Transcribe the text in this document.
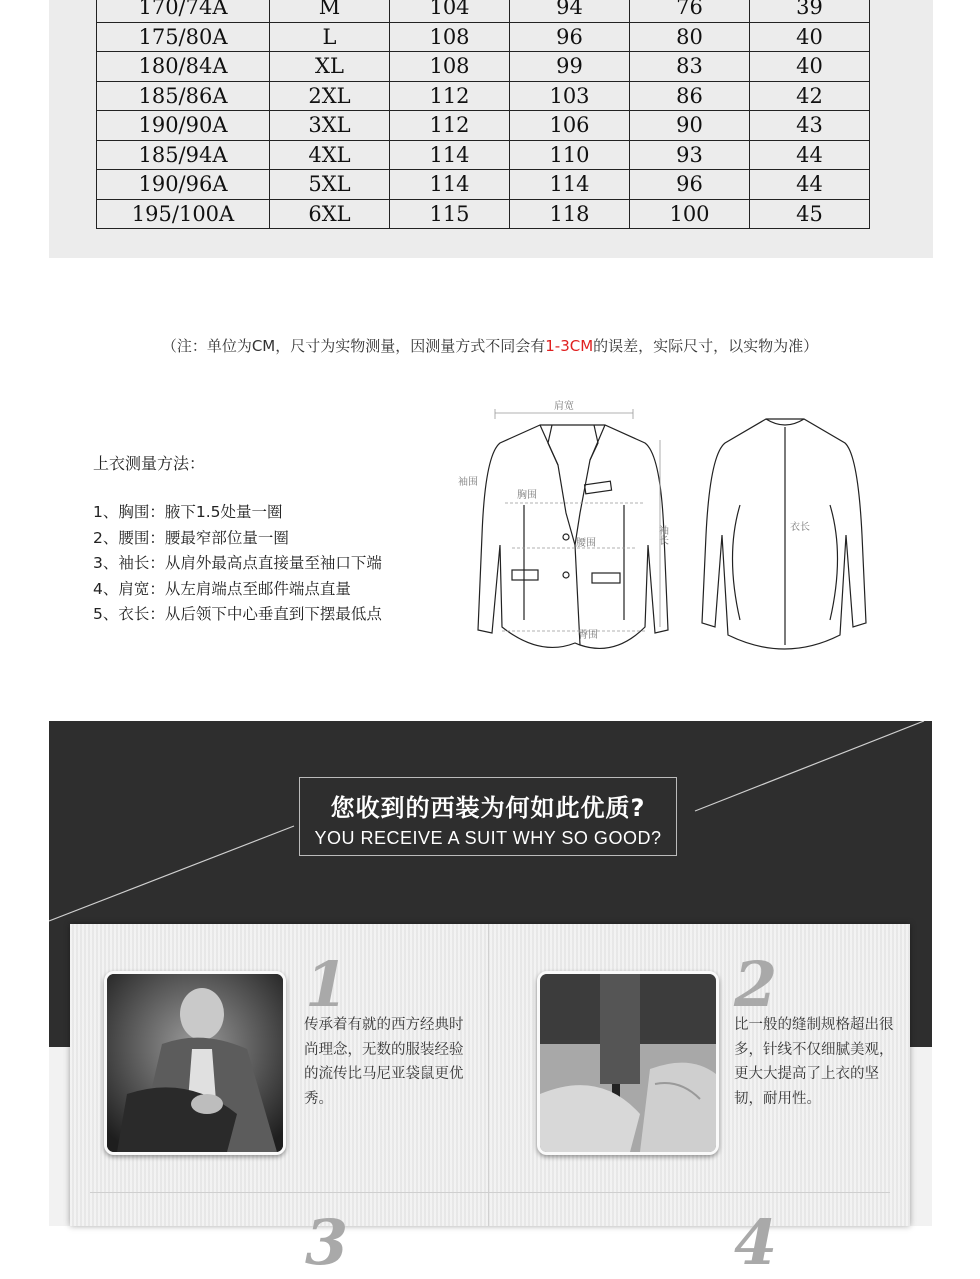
170/74A	M	104	94	76	39
175/80A	L	108	96	80	40
180/84A	XL	108	99	83	40
185/86A	2XL	112	103	86	42
190/90A	3XL	112	106	90	43
185/94A	4XL	114	110	93	44
190/96A	5XL	114	114	96	44
195/100A	6XL	115	118	100	45
（注：单位为CM，尺寸为实物测量，因测量方式不同会有1-3CM的误差，实际尺寸，以实物为准）
上衣测量方法：
1、胸围：腋下1.5处量一圈
2、腰围：腰最窄部位量一圈
3、袖长：从肩外最高点直接量至袖口下端
4、肩宽：从左肩端点至邮件端点直量
5、衣长：从后领下中心垂直到下摆最低点
肩宽
袖围
胸围
腰围
臀围
袖长	衣长
您收到的西装为何如此优质?
YOU RECEIVE A SUIT WHY SO GOOD?
1	2
3	4
传承着有就的西方经典时尚理念，无数的服装经验的流传比马尼亚袋鼠更优秀。
比一般的缝制规格超出很多，针线不仅细腻美观，更大大提高了上衣的坚韧，耐用性。
